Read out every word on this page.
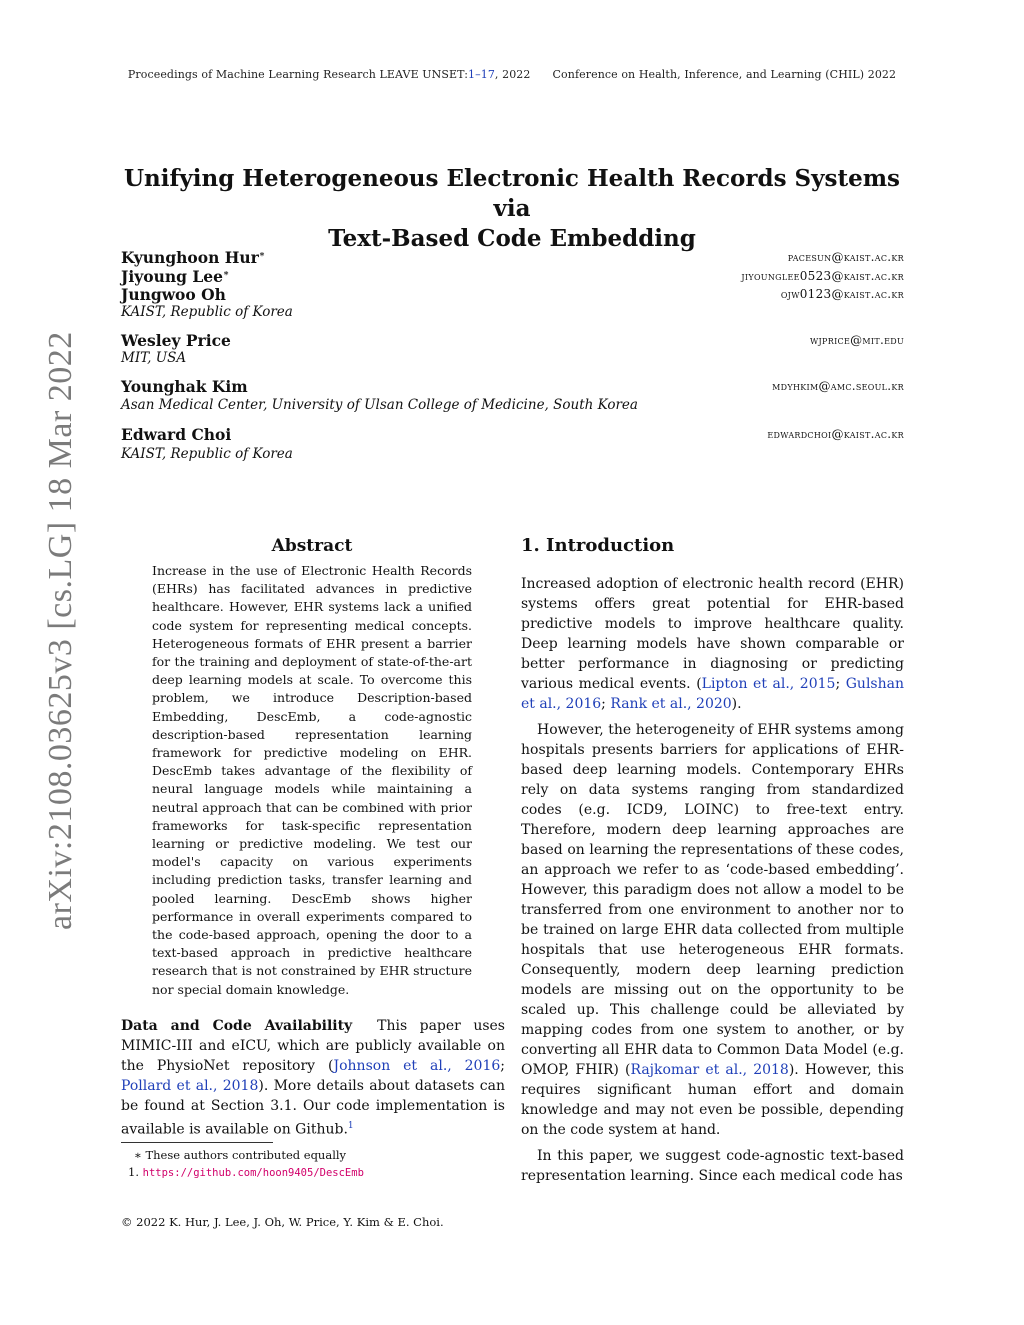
Proceedings of Machine Learning Research LEAVE UNSET:1–17, 2022 Conference on Health, Inference, and Learning (CHIL) 2022
arXiv:2108.03625v3 [cs.LG] 18 Mar 2022
Unifying Heterogeneous Electronic Health Records Systems via
Text-Based Code Embedding
Kyunghoon Hur∗	pacesun@kaist.ac.kr
Jiyoung Lee∗	jiyounglee0523@kaist.ac.kr
Jungwoo Oh	ojw0123@kaist.ac.kr
KAIST, Republic of Korea
Wesley Price	wjprice@mit.edu
MIT, USA
Younghak Kim	mdyhkim@amc.seoul.kr
Asan Medical Center, University of Ulsan College of Medicine, South Korea
Edward Choi	edwardchoi@kaist.ac.kr
KAIST, Republic of Korea
Abstract
Increase in the use of Electronic Health Records (EHRs) has facilitated advances in predictive healthcare. However, EHR systems lack a unified code system for representing medical concepts. Heterogeneous formats of EHR present a barrier for the training and deployment of state-of-the-art deep learning models at scale. To overcome this problem, we introduce Description-based Embedding, DescEmb, a code-agnostic description-based representation learning framework for predictive modeling on EHR. DescEmb takes advantage of the flexibility of neural language models while maintaining a neutral approach that can be combined with prior frameworks for task-specific representation learning or predictive modeling. We test our model's capacity on various experiments including prediction tasks, transfer learning and pooled learning. DescEmb shows higher performance in overall experiments compared to the code-based approach, opening the door to a text-based approach in predictive healthcare research that is not constrained by EHR structure nor special domain knowledge.
Data and Code Availability This paper uses MIMIC-III and eICU, which are publicly available on the PhysioNet repository (Johnson et al., 2016; Pollard et al., 2018). More details about datasets can be found at Section 3.1. Our code implementation is available is available on Github.$^1$
∗ These authors contributed equally
1. https://github.com/hoon9405/DescEmb
© 2022 K. Hur, J. Lee, J. Oh, W. Price, Y. Kim & E. Choi.
1. Introduction

Increased adoption of electronic health record (EHR) systems offers great potential for EHR-based predictive models to improve healthcare quality. Deep learning models have shown comparable or better performance in diagnosing or predicting various medical events. (Lipton et al., 2015; Gulshan et al., 2016; Rank et al., 2020).

However, the heterogeneity of EHR systems among hospitals presents barriers for applications of EHR-based deep learning models. Contemporary EHRs rely on data systems ranging from standardized codes (e.g. ICD9, LOINC) to free-text entry. Therefore, modern deep learning approaches are based on learning the representations of these codes, an approach we refer to as ‘code-based embedding’. However, this paradigm does not allow a model to be transferred from one environment to another nor to be trained on large EHR data collected from multiple hospitals that use heterogeneous EHR formats. Consequently, modern deep learning prediction models are missing out on the opportunity to be scaled up. This challenge could be alleviated by mapping codes from one system to another, or by converting all EHR data to Common Data Model (e.g. OMOP, FHIR) (Rajkomar et al., 2018). However, this requires significant human effort and domain knowledge and may not even be possible, depending on the code system at hand.

In this paper, we suggest code-agnostic text-based representation learning. Since each medical code has
